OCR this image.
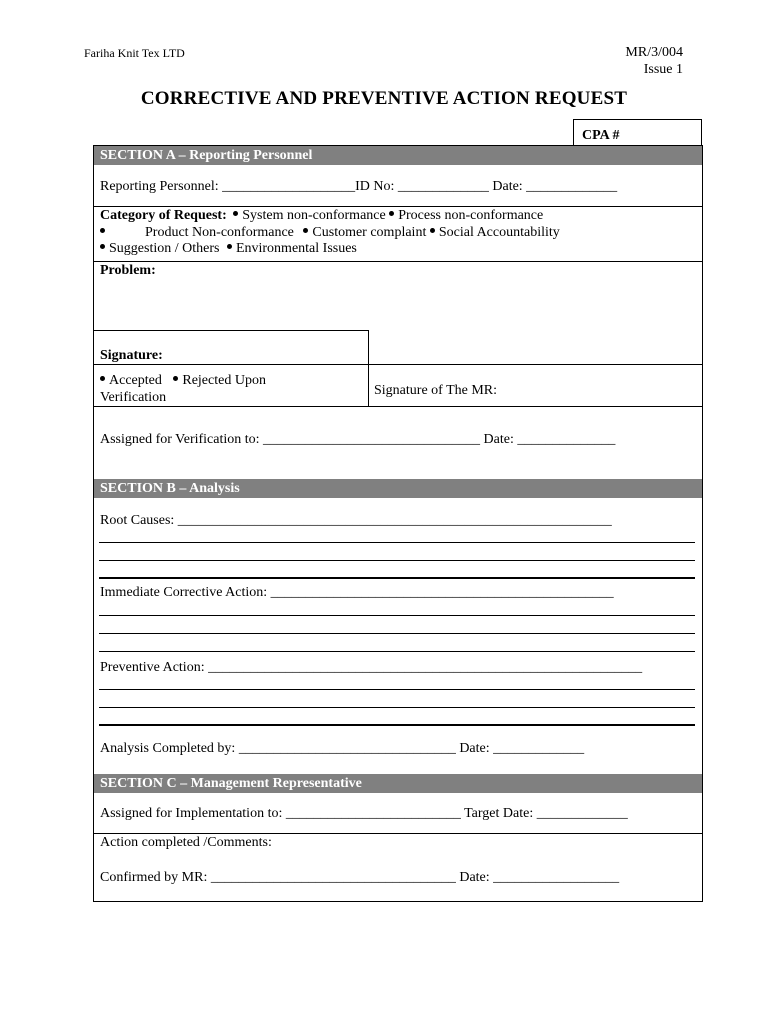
Fariha Knit Tex LTD	MR/3/004
Issue 1
CORRECTIVE AND PREVENTIVE ACTION REQUEST
CPA #
SECTION A – Reporting Personnel
Reporting Personnel: ___________________ID No: _____________ Date: _____________
Category of Request: System non-conformance Process non-conformance
Product Non-conformance Customer complaint Social Accountability
Suggestion / Others Environmental Issues
Problem:
Signature:
Accepted Rejected Upon
Verification	Signature of The MR:
Assigned for Verification to: _______________________________ Date: ______________
SECTION B – Analysis
Root Causes: ______________________________________________________________
Immediate Corrective Action: _________________________________________________
Preventive Action: ______________________________________________________________
Analysis Completed by: _______________________________ Date: _____________
SECTION C – Management Representative
Assigned for Implementation to: _________________________ Target Date: _____________
Action completed /Comments:
Confirmed by MR: ___________________________________ Date: __________________
